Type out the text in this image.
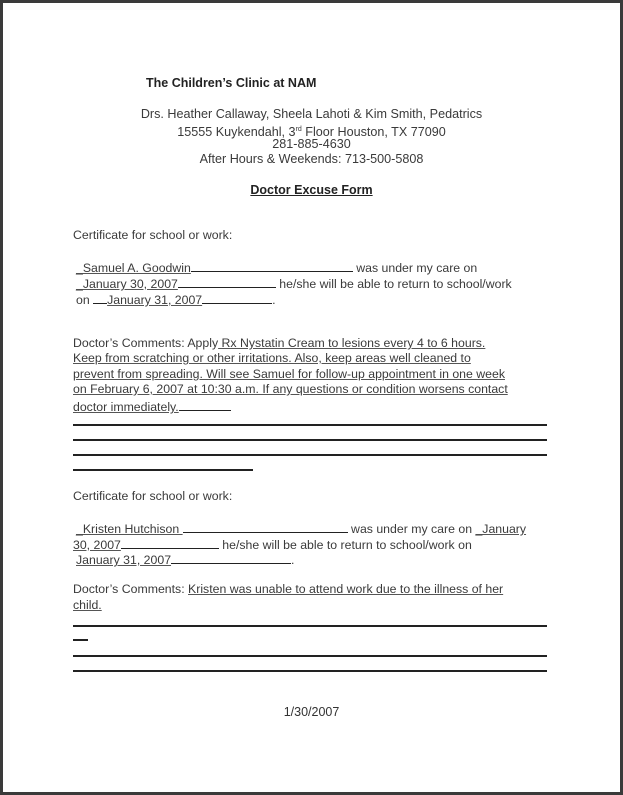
The Children’s Clinic at NAM
Drs. Heather Callaway, Sheela Lahoti & Kim Smith, Pedatrics
15555 Kuykendahl, 3rd Floor Houston, TX 77090
281-885-4630
After Hours & Weekends: 713-500-5808
Doctor Excuse Form
Certificate for school or work:
_Samuel A. Goodwin	was under my care on
_January 30, 2007	he/she will be able to return to school/work
on January 31, 2007	.
Doctor’s Comments: Apply Rx Nystatin Cream to lesions every 4 to 6 hours.
Keep from scratching or other irritations. Also, keep areas well cleaned to
prevent from spreading. Will see Samuel for follow-up appointment in one week
on February 6, 2007 at 10:30 a.m. If any questions or condition worsens contact
doctor immediately.
Certificate for school or work:
_Kristen Hutchison	was under my care on _January
30, 2007	he/she will be able to return to school/work on
January 31, 2007	.
Doctor’s Comments: Kristen was unable to attend work due to the illness of her
child.
1/30/2007
